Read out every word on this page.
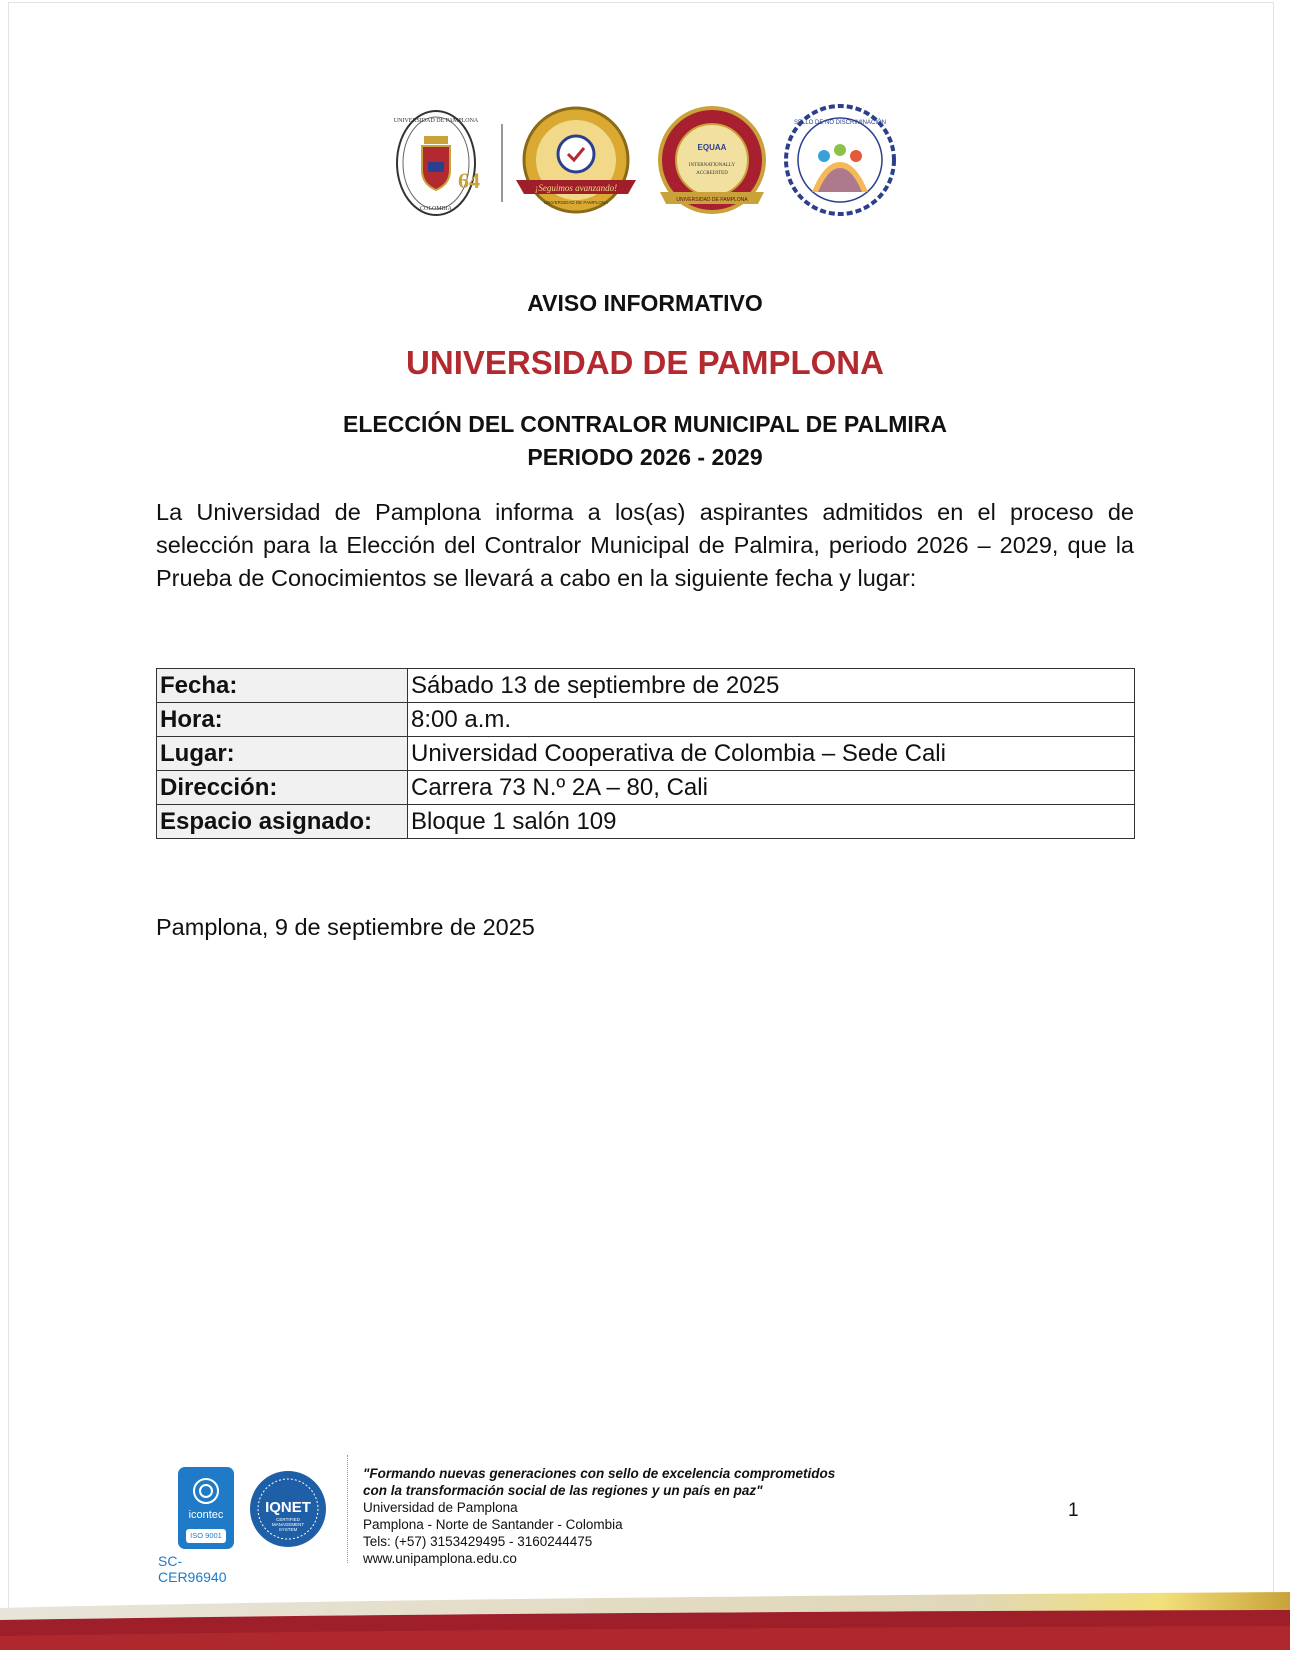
UNIVERSIDAD DE PAMPLONA
COLOMBIA
64	¡Seguimos avanzando!
UNIVERSIDAD DE PAMPLONA
EQUAA
INTERNATIONALLY
ACCREDITED
UNIVERSIDAD DE PAMPLONA
SELLO DE NO DISCRIMINACIÓN
AVISO INFORMATIVO
UNIVERSIDAD DE PAMPLONA
ELECCIÓN DEL CONTRALOR MUNICIPAL DE PALMIRA
PERIODO 2026 - 2029
La Universidad de Pamplona informa a los(as) aspirantes admitidos en el proceso de selección para la Elección del Contralor Municipal de Palmira, periodo 2026 – 2029, que la Prueba de Conocimientos se llevará a cabo en la siguiente fecha y lugar:
Fecha:	Sábado 13 de septiembre de 2025
Hora:	8:00 a.m.
Lugar:	Universidad Cooperativa de Colombia – Sede Cali
Dirección:	Carrera 73 N.º 2A – 80, Cali
Espacio asignado:	Bloque 1 salón 109
Pamplona, 9 de septiembre de 2025
icontec
ISO 9001
IQNET
CERTIFIED
MANAGEMENT
SYSTEM
SC-CER96940
"Formando nuevas generaciones con sello de excelencia comprometidos
con la transformación social de las regiones y un país en paz"
Universidad de Pamplona
Pamplona - Norte de Santander - Colombia
Tels: (+57) 3153429495 - 3160244475
www.unipamplona.edu.co
1
